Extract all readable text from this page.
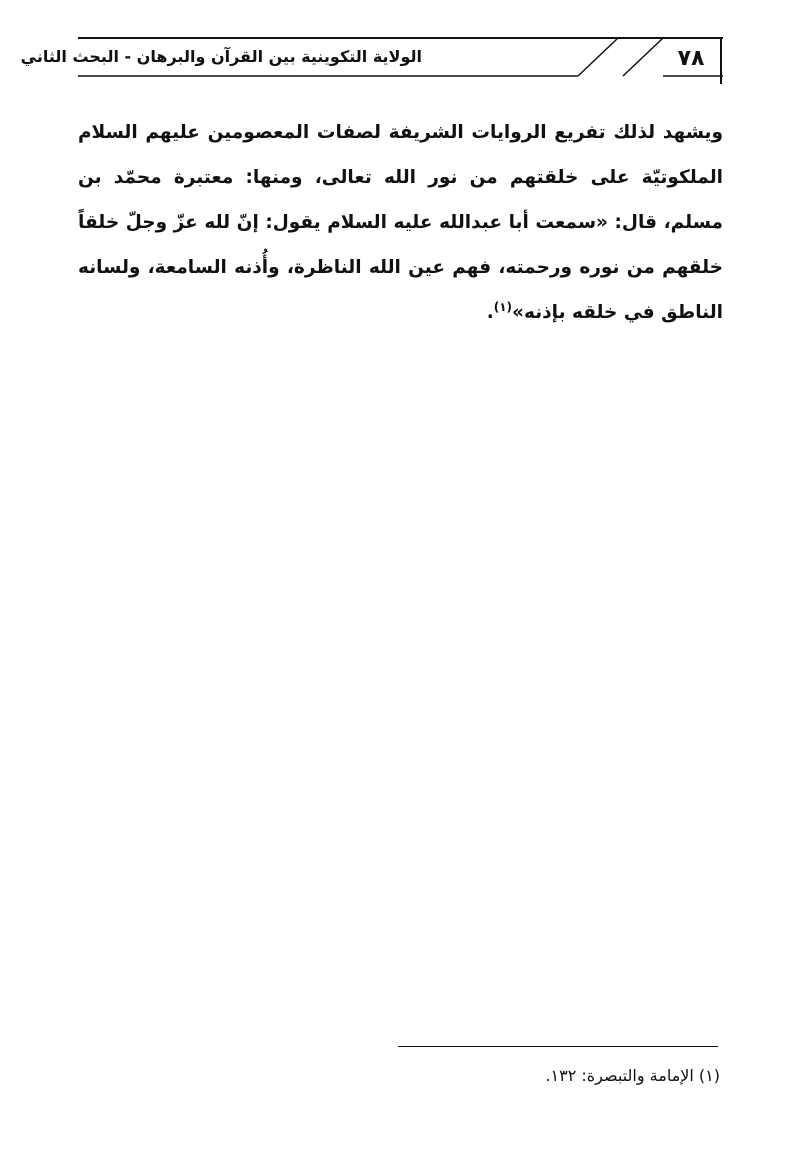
٧٨
الولاية التكوينية بين القرآن والبرهان - البحث الثاني

ويشهد لذلك تفريع الروايات الشريفة لصفات المعصومين عليهم السلام الملكوتيّة على خلقتهم من نور الله تعالى، ومنها: معتبرة محمّد بن مسلم، قال: «سمعت أبا عبدالله عليه السلام يقول: إنّ لله عزّ وجلّ خلقاً خلقهم من نوره ورحمته، فهم عين الله الناظرة، وأُذنه السامعة، ولسانه الناطق في خلقه بإذنه»$^{(١)}$.

(١) الإمامة والتبصرة: ١٣٢.
